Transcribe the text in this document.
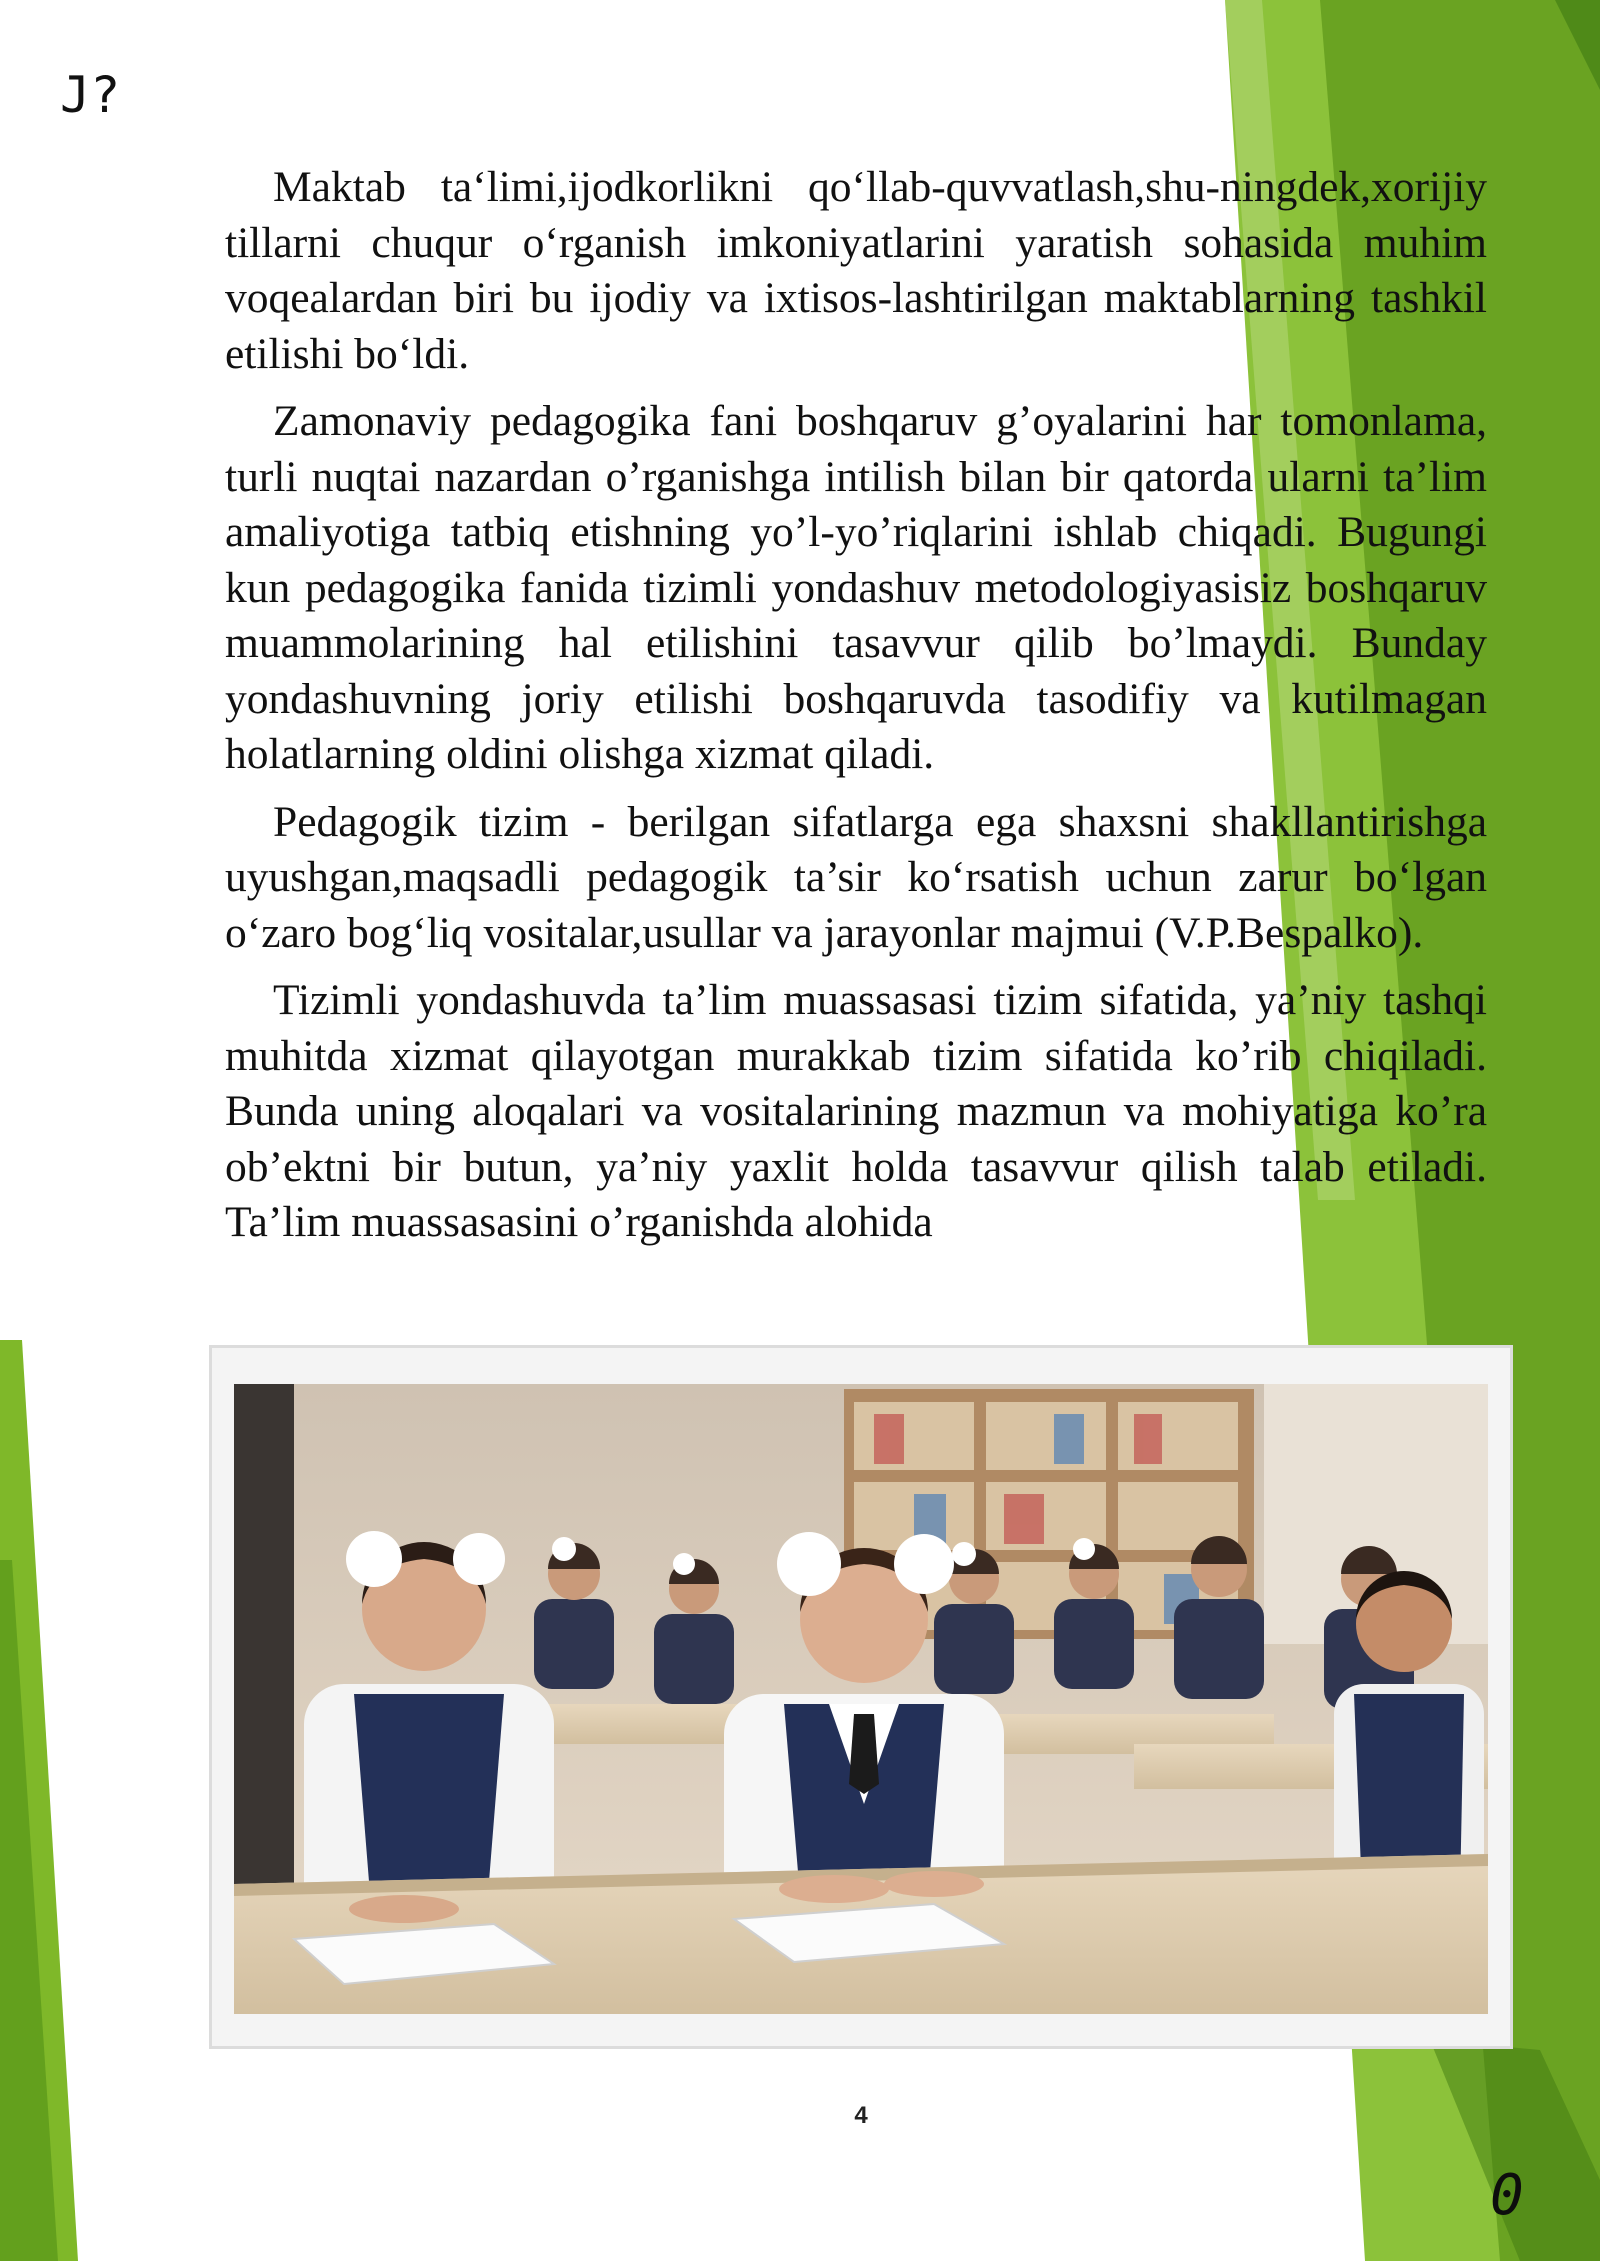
J?

Maktab taʻlimi,ijodkorlikni qo‘llab-quvvatlash,shu-ningdek,xorijiy tillarni chuqur o‘rganish imkoniyatlarini yaratish sohasida muhim voqealardan biri bu ijodiy va ixtisos-lashtirilgan maktablarning tashkil etilishi bo‘ldi.

Zamonaviy pedagogika fani boshqaruv g’oyalarini har tomonlama, turli nuqtai nazardan o’rganishga intilish bilan bir qatorda ularni ta’lim amaliyotiga tatbiq etishning yo’l-yo’riqlarini ishlab chiqadi. Bugungi kun pedagogika fanida tizimli yondashuv metodologiyasisiz boshqaruv muammolarining hal etilishini tasavvur qilib bo’lmaydi. Bunday yondashuvning joriy etilishi boshqaruvda tasodifiy va kutilmagan holatlarning oldini olishga xizmat qiladi.

Pedagogik tizim - berilgan sifatlarga ega shaxsni shakllantirishga uyushgan,maqsadli pedagogik ta’sir ko‘rsatish uchun zarur bo‘lgan o‘zaro bog‘liq vositalar,usullar va jarayonlar majmui (V.P.Bespalko).

Tizimli yondashuvda ta’lim muassasasi tizim sifatida, ya’niy tashqi muhitda xizmat qilayotgan murakkab tizim sifatida ko’rib chiqiladi. Bunda uning aloqalari va vositalarining mazmun va mohiyatiga ko’ra ob’ektni bir butun, ya’niy yaxlit holda tasavvur qilish talab etiladi. Ta’lim muassasasini o’rganishda alohida

4
0
